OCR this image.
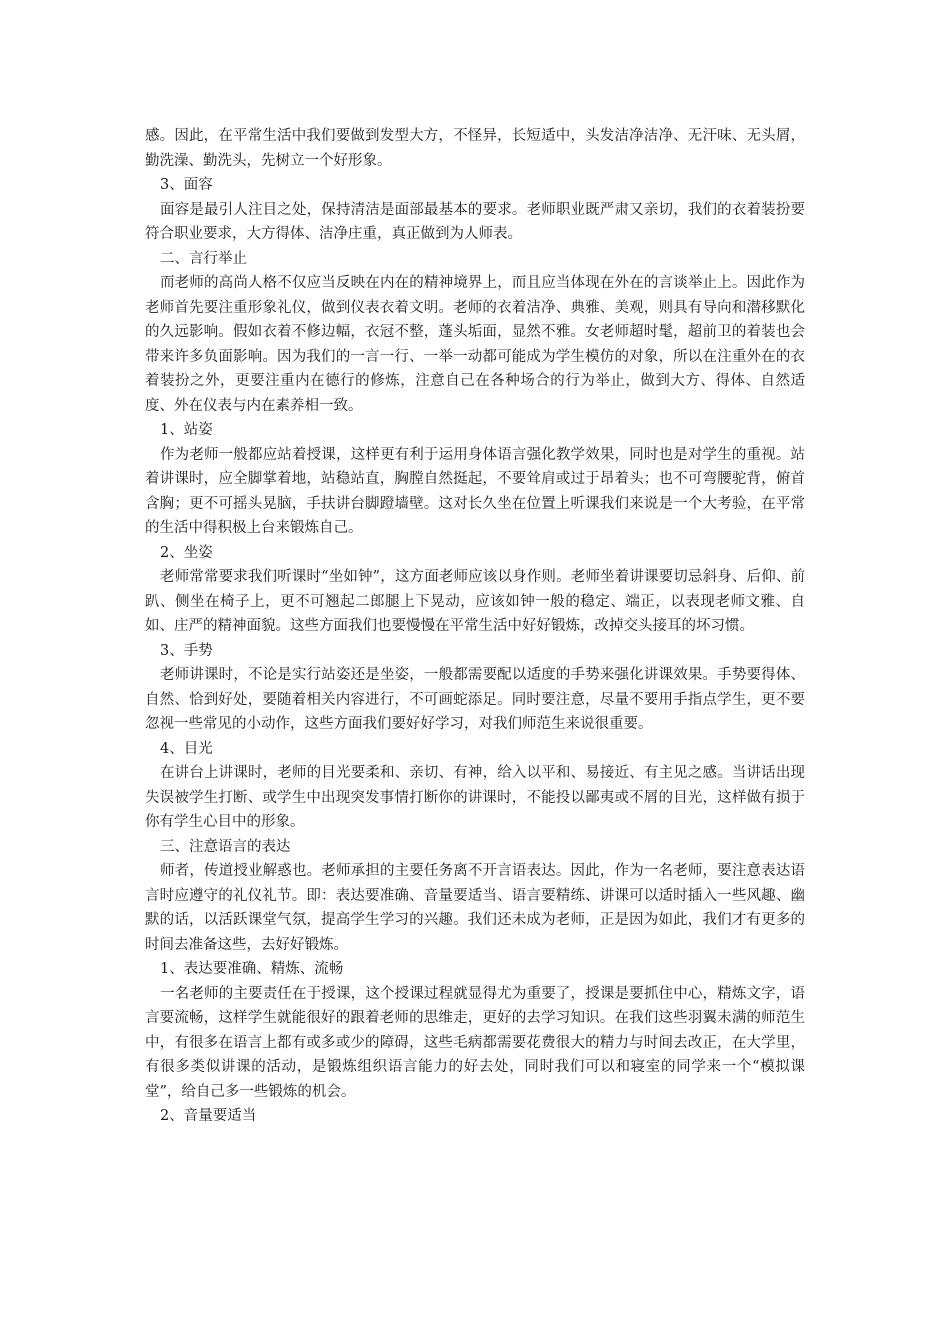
感。因此，在平常生活中我们要做到发型大方，不怪异，长短适中，头发洁净洁净、无汗味、无头屑，勤洗澡、勤洗头，先树立一个好形象。

3、面容

面容是最引人注目之处，保持清洁是面部最基本的要求。老师职业既严肃又亲切，我们的衣着装扮要符合职业要求，大方得体、洁净庄重，真正做到为人师表。

二、言行举止

而老师的高尚人格不仅应当反映在内在的精神境界上，而且应当体现在外在的言谈举止上。因此作为老师首先要注重形象礼仪，做到仪表衣着文明。老师的衣着洁净、典雅、美观，则具有导向和潜移默化的久远影响。假如衣着不修边幅，衣冠不整，蓬头垢面，显然不雅。女老师超时髦，超前卫的着装也会带来许多负面影响。因为我们的一言一行、一举一动都可能成为学生模仿的对象，所以在注重外在的衣着装扮之外，更要注重内在德行的修炼，注意自己在各种场合的行为举止，做到大方、得体、自然适度、外在仪表与内在素养相一致。

1、站姿

作为老师一般都应站着授课，这样更有利于运用身体语言强化教学效果，同时也是对学生的重视。站着讲课时，应全脚掌着地，站稳站直，胸膛自然挺起，不要耸肩或过于昂着头；也不可弯腰驼背，俯首含胸；更不可摇头晃脑，手扶讲台脚蹬墙壁。这对长久坐在位置上听课我们来说是一个大考验，在平常的生活中得积极上台来锻炼自己。

2、坐姿

老师常常要求我们听课时“坐如钟”，这方面老师应该以身作则。老师坐着讲课要切忌斜身、后仰、前趴、侧坐在椅子上，更不可翘起二郎腿上下晃动，应该如钟一般的稳定、端正，以表现老师文雅、自如、庄严的精神面貌。这些方面我们也要慢慢在平常生活中好好锻炼，改掉交头接耳的坏习惯。

3、手势

老师讲课时，不论是实行站姿还是坐姿，一般都需要配以适度的手势来强化讲课效果。手势要得体、自然、恰到好处，要随着相关内容进行，不可画蛇添足。同时要注意，尽量不要用手指点学生，更不要忽视一些常见的小动作，这些方面我们要好好学习，对我们师范生来说很重要。

4、目光

在讲台上讲课时，老师的目光要柔和、亲切、有神，给入以平和、易接近、有主见之感。当讲话出现失误被学生打断、或学生中出现突发事情打断你的讲课时，不能投以鄙夷或不屑的目光，这样做有损于你有学生心目中的形象。

三、注意语言的表达

师者，传道授业解惑也。老师承担的主要任务离不开言语表达。因此，作为一名老师，要注意表达语言时应遵守的礼仪礼节。即：表达要准确、音量要适当、语言要精练、讲课可以适时插入一些风趣、幽默的话，以活跃课堂气氛，提高学生学习的兴趣。我们还未成为老师，正是因为如此，我们才有更多的时间去准备这些，去好好锻炼。

1、表达要准确、精炼、流畅

一名老师的主要责任在于授课，这个授课过程就显得尤为重要了，授课是要抓住中心，精炼文字，语言要流畅，这样学生就能很好的跟着老师的思维走，更好的去学习知识。在我们这些羽翼未满的师范生中，有很多在语言上都有或多或少的障碍，这些毛病都需要花费很大的精力与时间去改正，在大学里，有很多类似讲课的活动，是锻炼组织语言能力的好去处，同时我们可以和寝室的同学来一个“模拟课堂”，给自己多一些锻炼的机会。

2、音量要适当
